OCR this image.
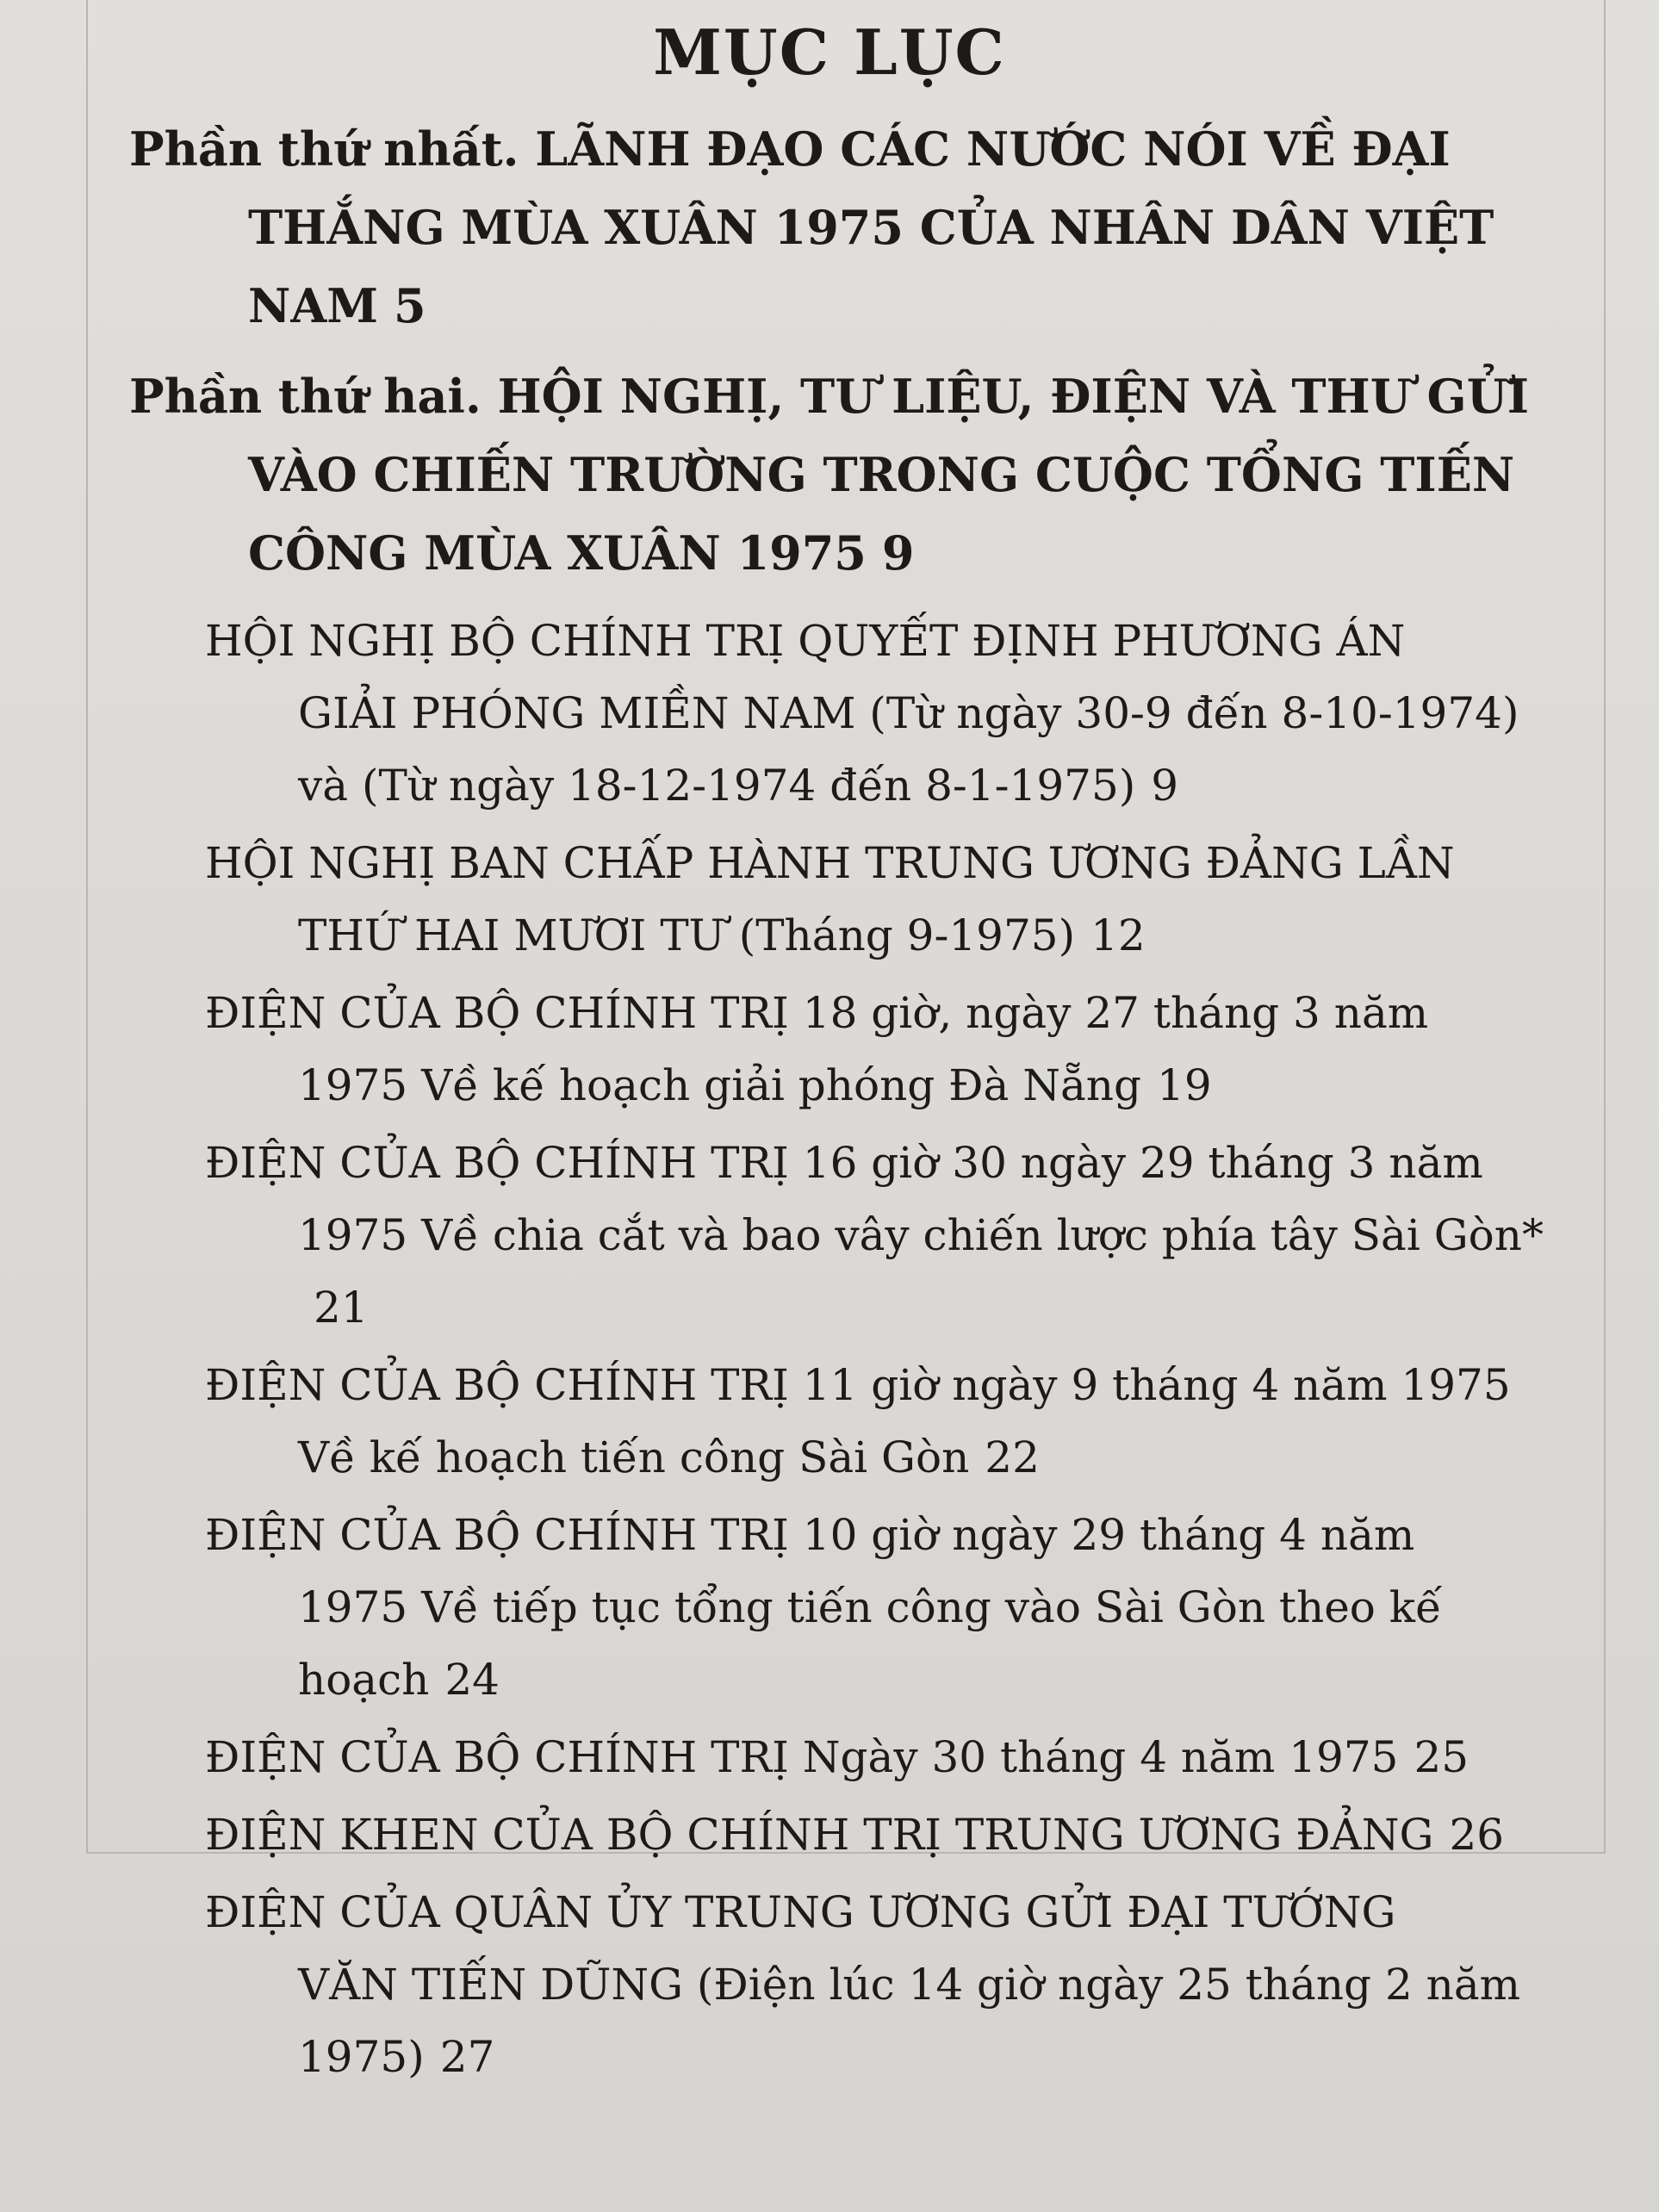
MỤC LỤC
Phần thứ nhất. LÃNH ĐẠO CÁC NƯỚC NÓI VỀ ĐẠI
THẮNG MÙA XUÂN 1975 CỦA NHÂN DÂN VIỆT
NAM 5
Phần thứ hai. HỘI NGHỊ, TƯ LIỆU, ĐIỆN VÀ THƯ GỬI
VÀO CHIẾN TRƯỜNG TRONG CUỘC TỔNG TIẾN
CÔNG MÙA XUÂN 1975 9
HỘI NGHỊ BỘ CHÍNH TRỊ QUYẾT ĐỊNH PHƯƠNG ÁN
GIẢI PHÓNG MIỀN NAM (Từ ngày 30-9 đến 8-10-1974)
và (Từ ngày 18-12-1974 đến 8-1-1975) 9
HỘI NGHỊ BAN CHẤP HÀNH TRUNG ƯƠNG ĐẢNG LẦN
THỨ HAI MƯƠI TƯ (Tháng 9-1975) 12
ĐIỆN CỦA BỘ CHÍNH TRỊ 18 giờ, ngày 27 tháng 3 năm
1975 Về kế hoạch giải phóng Đà Nẵng 19
ĐIỆN CỦA BỘ CHÍNH TRỊ 16 giờ 30 ngày 29 tháng 3 năm
1975 Về chia cắt và bao vây chiến lược phía tây Sài Gòn*
21
ĐIỆN CỦA BỘ CHÍNH TRỊ 11 giờ ngày 9 tháng 4 năm 1975
Về kế hoạch tiến công Sài Gòn 22
ĐIỆN CỦA BỘ CHÍNH TRỊ 10 giờ ngày 29 tháng 4 năm
1975 Về tiếp tục tổng tiến công vào Sài Gòn theo kế
hoạch 24
ĐIỆN CỦA BỘ CHÍNH TRỊ Ngày 30 tháng 4 năm 1975 25
ĐIỆN KHEN CỦA BỘ CHÍNH TRỊ TRUNG ƯƠNG ĐẢNG 26
ĐIỆN CỦA QUÂN ỦY TRUNG ƯƠNG GỬI ĐẠI TƯỚNG
VĂN TIẾN DŨNG (Điện lúc 14 giờ ngày 25 tháng 2 năm
1975) 27
